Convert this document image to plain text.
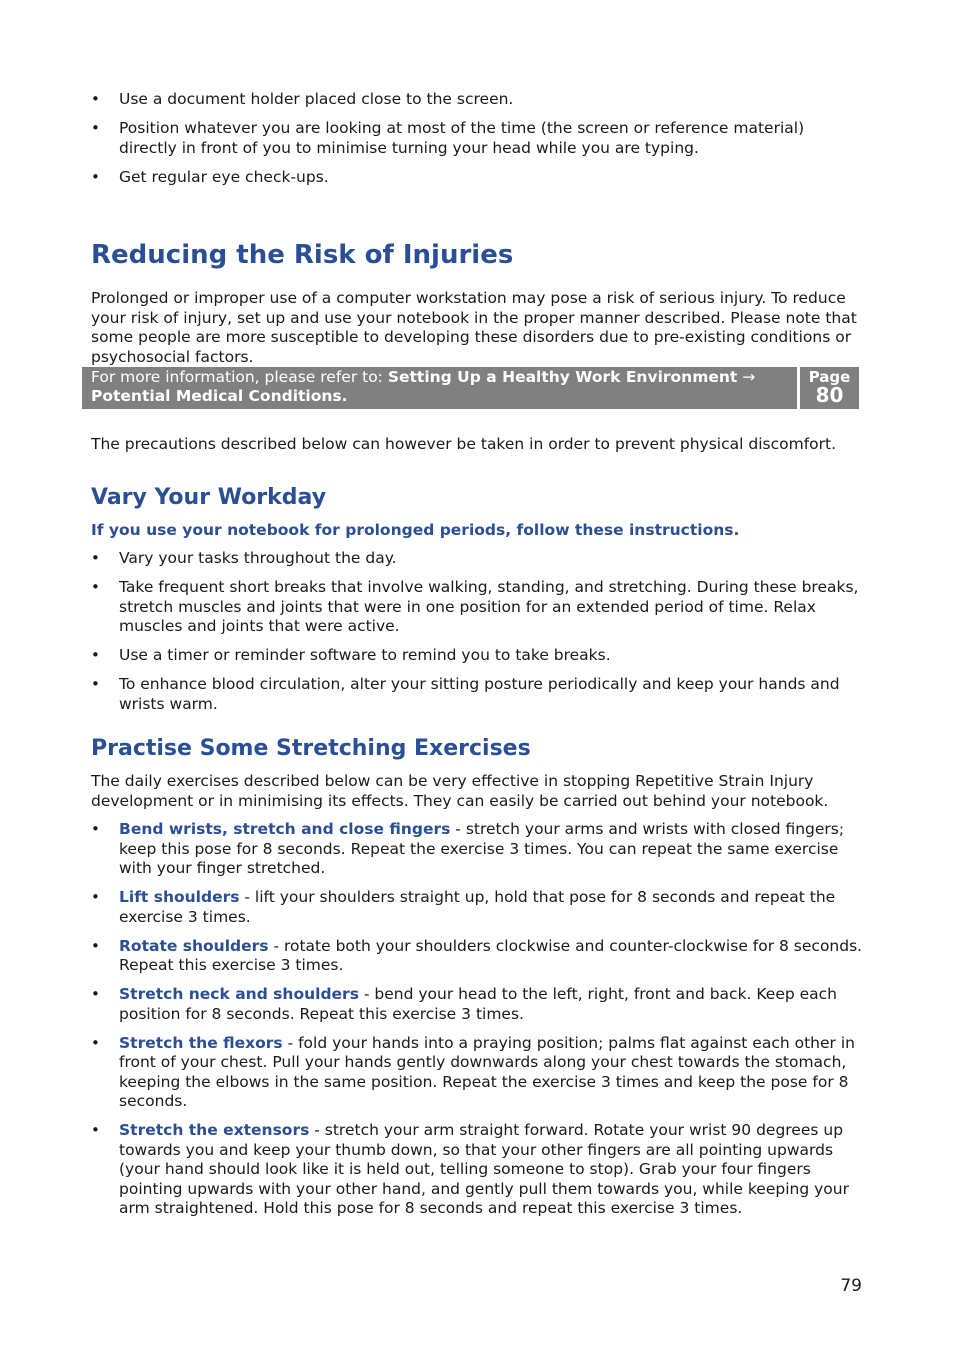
• Use a document holder placed close to the screen.
• Position whatever you are looking at most of the time (the screen or reference material) directly in front of you to minimise turning your head while you are typing.
• Get regular eye check-ups.
Reducing the Risk of Injuries

Prolonged or improper use of a computer workstation may pose a risk of serious injury. To reduce your risk of injury, set up and use your notebook in the proper manner described. Please note that some people are more susceptible to developing these disorders due to pre-existing conditions or psychosocial factors.

For more information, please refer to: Setting Up a Healthy Work Environment → Potential Medical Conditions.
Page
80

The precautions described below can however be taken in order to prevent physical discomfort.

Vary Your Workday

If you use your notebook for prolonged periods, follow these instructions.

• Vary your tasks throughout the day.
• Take frequent short breaks that involve walking, standing, and stretching. During these breaks, stretch muscles and joints that were in one position for an extended period of time. Relax muscles and joints that were active.
• Use a timer or reminder software to remind you to take breaks.
• To enhance blood circulation, alter your sitting posture periodically and keep your hands and wrists warm.
Practise Some Stretching Exercises

The daily exercises described below can be very effective in stopping Repetitive Strain Injury development or in minimising its effects. They can easily be carried out behind your notebook.

• Bend wrists, stretch and close fingers - stretch your arms and wrists with closed fingers; keep this pose for 8 seconds. Repeat the exercise 3 times. You can repeat the same exercise with your finger stretched.
• Lift shoulders - lift your shoulders straight up, hold that pose for 8 seconds and repeat the exercise 3 times.
• Rotate shoulders - rotate both your shoulders clockwise and counter-clockwise for 8 seconds. Repeat this exercise 3 times.
• Stretch neck and shoulders - bend your head to the left, right, front and back. Keep each position for 8 seconds. Repeat this exercise 3 times.
• Stretch the flexors - fold your hands into a praying position; palms flat against each other in front of your chest. Pull your hands gently downwards along your chest towards the stomach, keeping the elbows in the same position. Repeat the exercise 3 times and keep the pose for 8 seconds.
• Stretch the extensors - stretch your arm straight forward. Rotate your wrist 90 degrees up towards you and keep your thumb down, so that your other fingers are all pointing upwards (your hand should look like it is held out, telling someone to stop). Grab your four fingers pointing upwards with your other hand, and gently pull them towards you, while keeping your arm straightened. Hold this pose for 8 seconds and repeat this exercise 3 times.
79
